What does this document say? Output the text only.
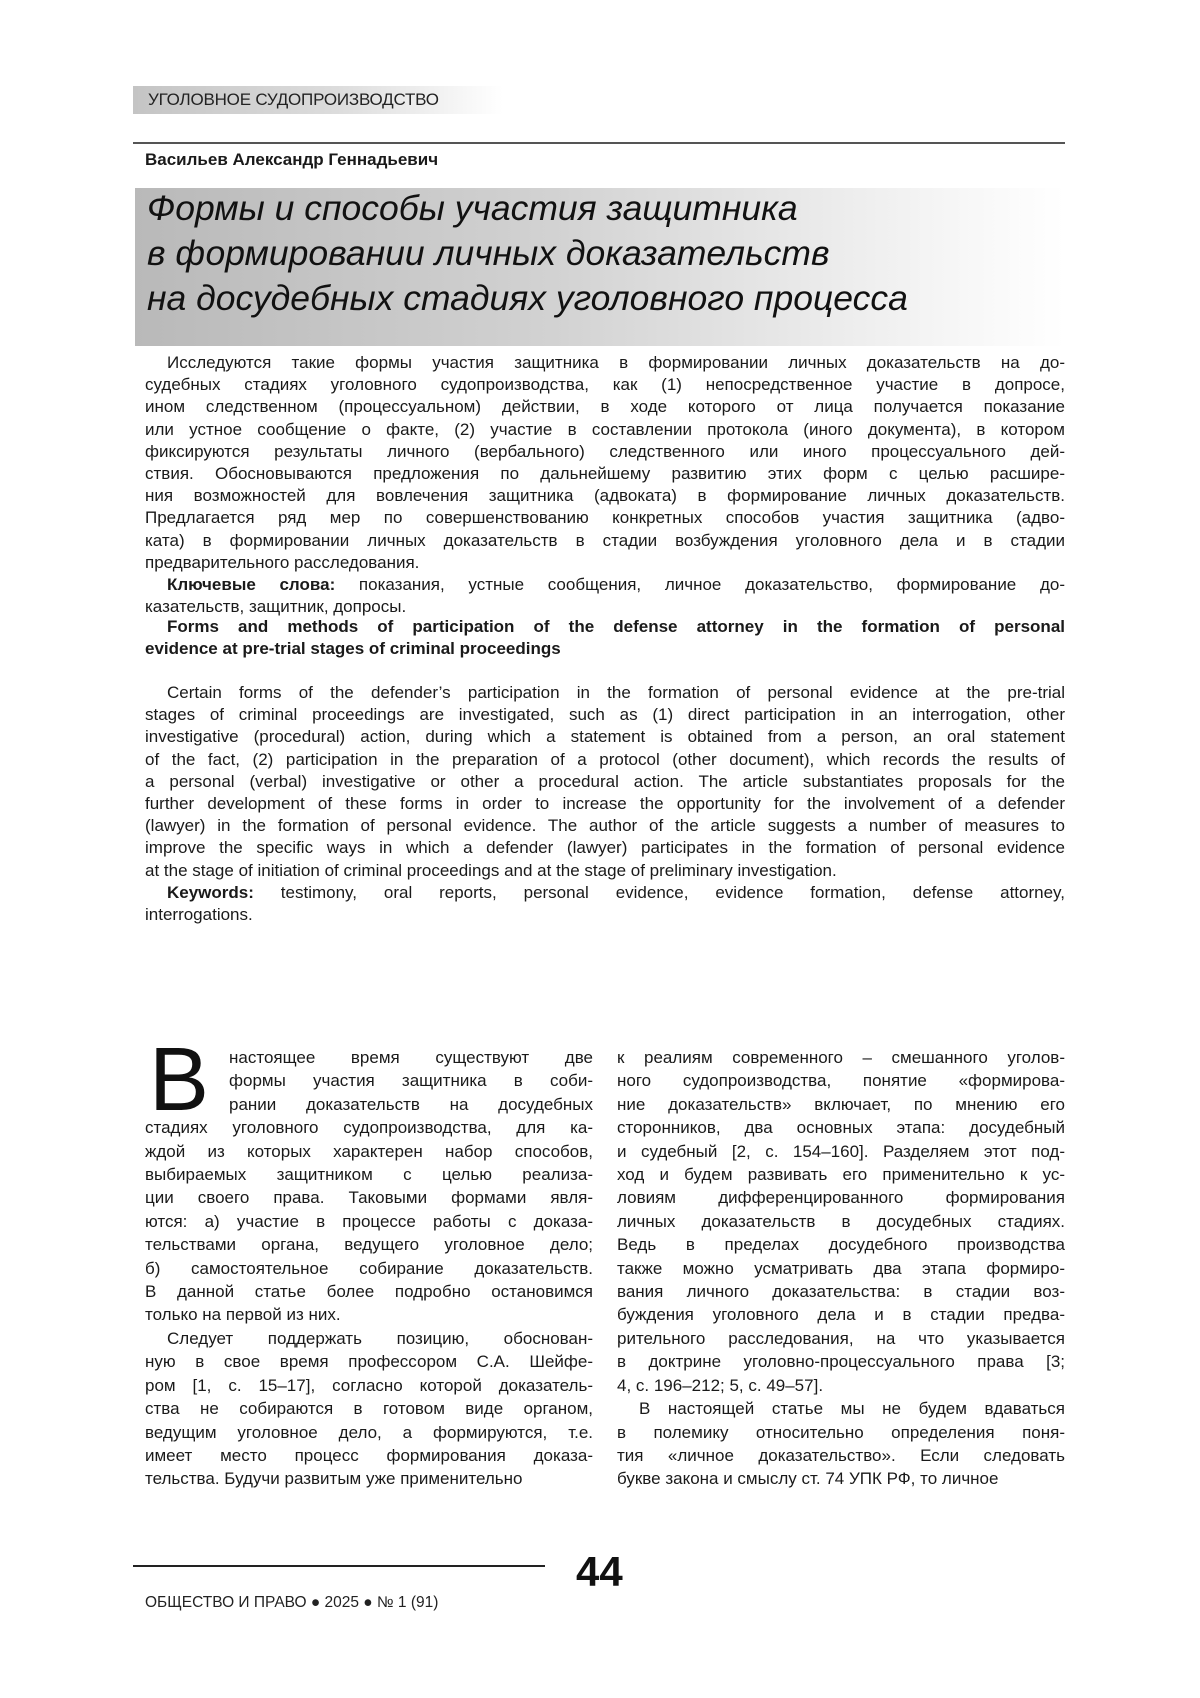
УГОЛОВНОЕ СУДОПРОИЗВОДСТВО
Васильев Александр Геннадьевич
Формы и способы участия защитника
в формировании личных доказательств
на досудебных стадиях уголовного процесса
Исследуются такие формы участия защитника в формировании личных доказательств на до-
судебных стадиях уголовного судопроизводства, как (1) непосредственное участие в допросе,
ином следственном (процессуальном) действии, в ходе которого от лица получается показание
или устное сообщение о факте, (2) участие в составлении протокола (иного документа), в котором
фиксируются результаты личного (вербального) следственного или иного процессуального дей-
ствия. Обосновываются предложения по дальнейшему развитию этих форм с целью расшире-
ния возможностей для вовлечения защитника (адвоката) в формирование личных доказательств.
Предлагается ряд мер по совершенствованию конкретных способов участия защитника (адво-
ката) в формировании личных доказательств в стадии возбуждения уголовного дела и в стадии
предварительного расследования.
Ключевые слова: показания, устные сообщения, личное доказательство, формирование до-
казательств, защитник, допросы.
Forms and methods of participation of the defense attorney in the formation of personal
evidence at pre-trial stages of criminal proceedings
Certain forms of the defender’s participation in the formation of personal evidence at the pre-trial
stages of criminal proceedings are investigated, such as (1) direct participation in an interrogation, other
investigative (procedural) action, during which a statement is obtained from a person, an oral statement
of the fact, (2) participation in the preparation of a protocol (other document), which records the results of
a personal (verbal) investigative or other a procedural action. The article substantiates proposals for the
further development of these forms in order to increase the opportunity for the involvement of a defender
(lawyer) in the formation of personal evidence. The author of the article suggests a number of measures to
improve the specific ways in which a defender (lawyer) participates in the formation of personal evidence
at the stage of initiation of criminal proceedings and at the stage of preliminary investigation.
Keywords: testimony, oral reports, personal evidence, evidence formation, defense attorney,
interrogations.
В	настоящее время существуют две
формы участия защитника в соби-
рании доказательств на досудебных
стадиях уголовного судопроизводства, для ка-
ждой из которых характерен набор способов,
выбираемых защитником с целью реализа-
ции своего права. Таковыми формами явля-
ются: а) участие в процессе работы с доказа-
тельствами органа, ведущего уголовное дело;
б) самостоятельное собирание доказательств.
В данной статье более подробно остановимся
только на первой из них.
Следует поддержать позицию, обоснован-
ную в свое время профессором С.А. Шейфе-
ром [1, с. 15–17], согласно которой доказатель-
ства не собираются в готовом виде органом,
ведущим уголовное дело, а формируются, т.е.
имеет место процесс формирования доказа-
тельства. Будучи развитым уже применительно
к реалиям современного – смешанного уголов-
ного судопроизводства, понятие «формирова-
ние доказательств» включает, по мнению его
сторонников, два основных этапа: досудебный
и судебный [2, с. 154–160]. Разделяем этот под-
ход и будем развивать его применительно к ус-
ловиям дифференцированного формирования
личных доказательств в досудебных стадиях.
Ведь в пределах досудебного производства
также можно усматривать два этапа формиро-
вания личного доказательства: в стадии воз-
буждения уголовного дела и в стадии предва-
рительного расследования, на что указывается
в доктрине уголовно-процессуального права [3;
4, с. 196–212; 5, с. 49–57].
В настоящей статье мы не будем вдаваться
в полемику относительно определения поня-
тия «личное доказательство». Если следовать
букве закона и смыслу ст. 74 УПК РФ, то личное
44
ОБЩЕСТВО И ПРАВО ● 2025 ● № 1 (91)
